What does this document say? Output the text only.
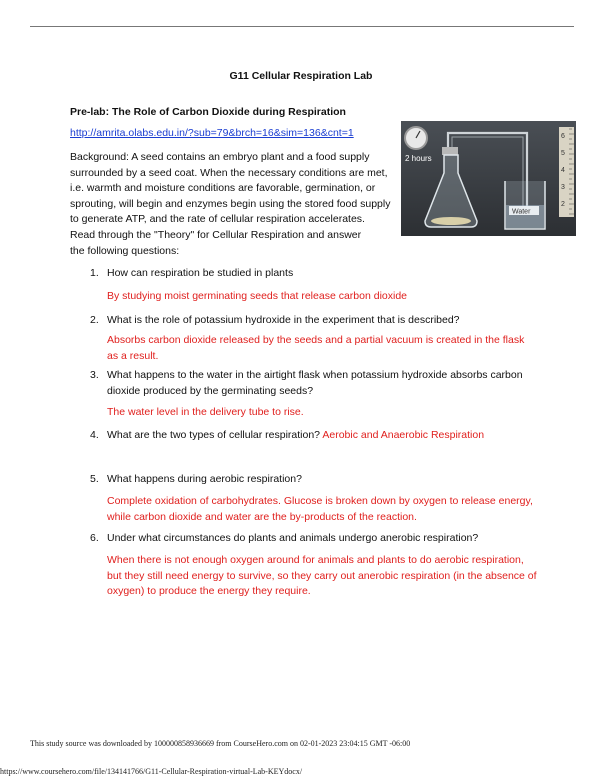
G11 Cellular Respiration Lab
Pre-lab: The Role of Carbon Dioxide during Respiration
http://amrita.olabs.edu.in/?sub=79&brch=16&sim=136&cnt=1
Background: A seed contains an embryo plant and a food supply surrounded by a seed coat. When the necessary conditions are met, i.e. warmth and moisture conditions are favorable, germination, or sprouting, will begin and enzymes begin using the stored food supply to generate ATP, and the rate of cellular respiration accelerates.
Read through the "Theory" for Cellular Respiration and answer the following questions:
2 hours
Water
6
5
4
3
2
1. How can respiration be studied in plants
By studying moist germinating seeds that release carbon dioxide
2. What is the role of potassium hydroxide in the experiment that is described?
Absorbs carbon dioxide released by the seeds and a partial vacuum is created in the flask as a result.
3. What happens to the water in the airtight flask when potassium hydroxide absorbs carbon dioxide produced by the germinating seeds?
The water level in the delivery tube to rise.
4. What are the two types of cellular respiration? Aerobic and Anaerobic Respiration
5. What happens during aerobic respiration?
Complete oxidation of carbohydrates. Glucose is broken down by oxygen to release energy, while carbon dioxide and water are the by-products of the reaction.
6. Under what circumstances do plants and animals undergo anerobic respiration?
When there is not enough oxygen around for animals and plants to do aerobic respiration, but they still need energy to survive, so they carry out anerobic respiration (in the absence of oxygen) to produce the energy they require.
This study source was downloaded by 100000858936669 from CourseHero.com on 02-01-2023 23:04:15 GMT -06:00
https://www.coursehero.com/file/134141766/G11-Cellular-Respiration-virtual-Lab-KEYdocx/
